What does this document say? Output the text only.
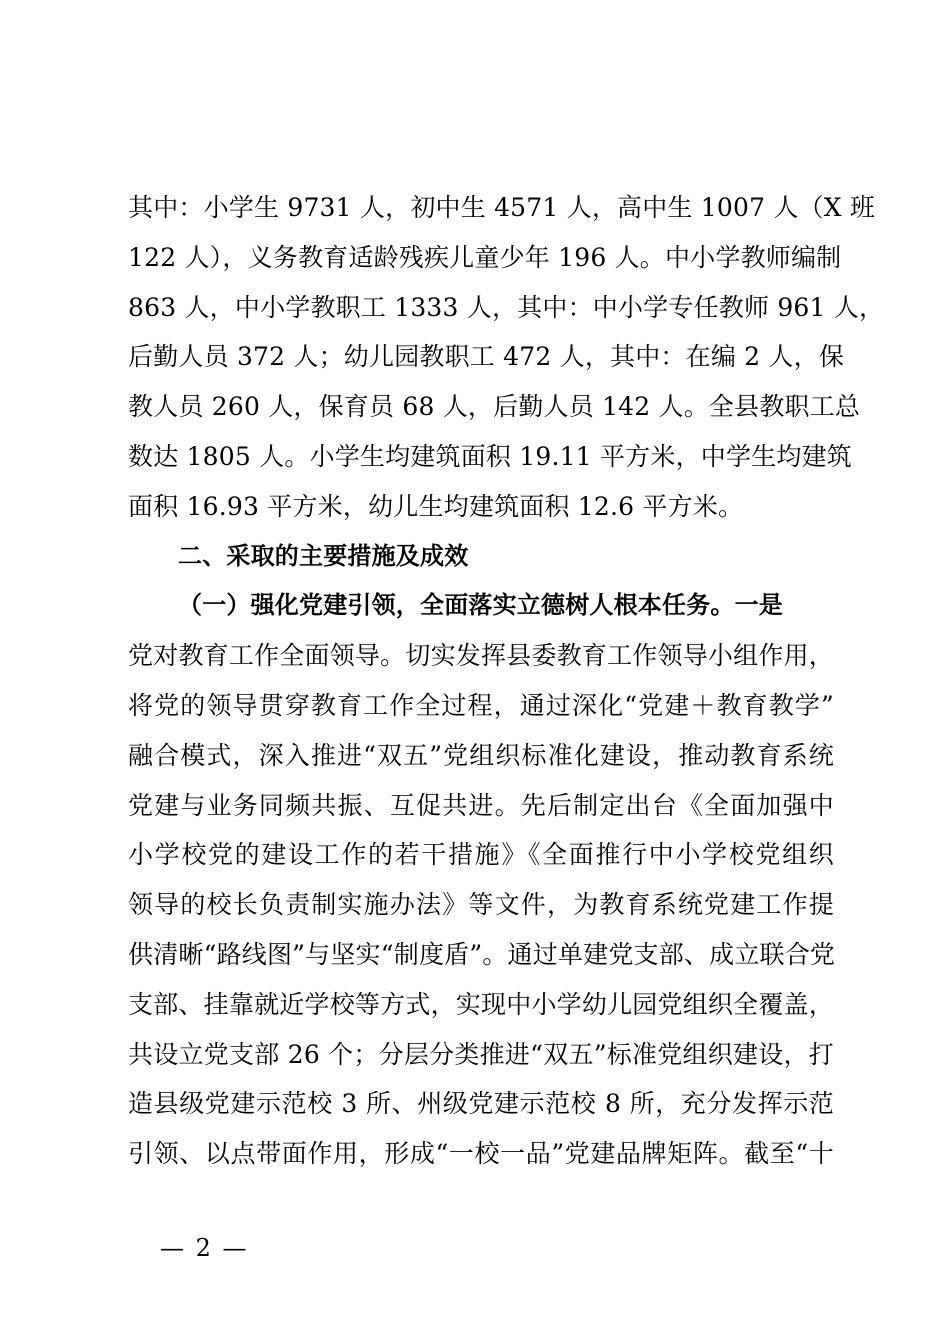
其中：小学生 9731 人，初中生 4571 人，高中生 1007 人（X 班
122 人），义务教育适龄残疾儿童少年 196 人。中小学教师编制
863 人，中小学教职工 1333 人，其中：中小学专任教师 961 人，
后勤人员 372 人；幼儿园教职工 472 人，其中：在编 2 人，保
教人员 260 人，保育员 68 人，后勤人员 142 人。全县教职工总
数达 1805 人。小学生均建筑面积 19.11 平方米，中学生均建筑
面积 16.93 平方米，幼儿生均建筑面积 12.6 平方米。
二、采取的主要措施及成效
（一）强化党建引领，全面落实立德树人根本任务。一是
党对教育工作全面领导。切实发挥县委教育工作领导小组作用，
将党的领导贯穿教育工作全过程，通过深化“党建＋教育教学”
融合模式，深入推进“双五”党组织标准化建设，推动教育系统
党建与业务同频共振、互促共进。先后制定出台《全面加强中
小学校党的建设工作的若干措施》《全面推行中小学校党组织
领导的校长负责制实施办法》等文件，为教育系统党建工作提
供清晰“路线图”与坚实“制度盾”。通过单建党支部、成立联合党
支部、挂靠就近学校等方式，实现中小学幼儿园党组织全覆盖，
共设立党支部 26 个；分层分类推进“双五”标准党组织建设，打
造县级党建示范校 3 所、州级党建示范校 8 所，充分发挥示范
引领、以点带面作用，形成“一校一品”党建品牌矩阵。截至“十
— 2 —
